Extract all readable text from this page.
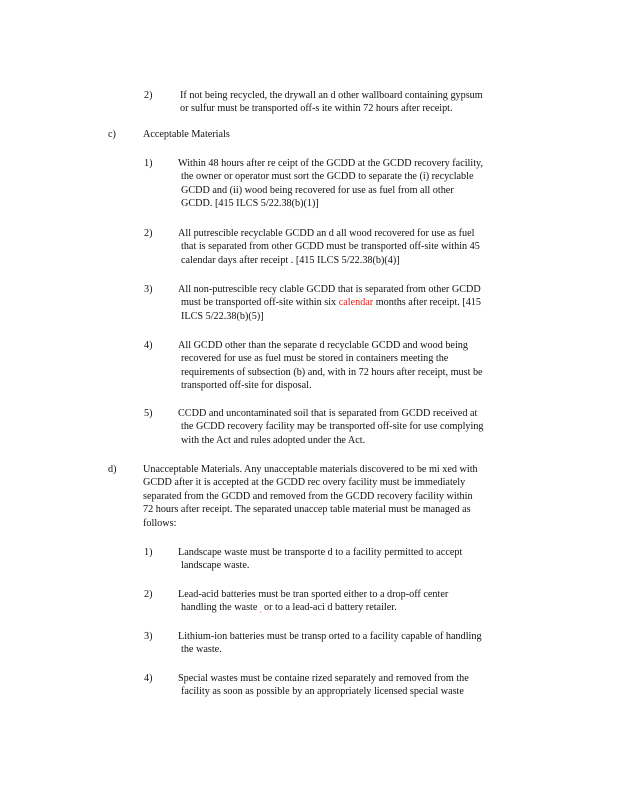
2)	If not being recycled, the drywall an d other wallboard containing gypsum
or sulfur must be transported off-s ite within 72 hours after receipt.
c)	Acceptable Materials
1)	Within 48 hours after re ceipt of the GCDD at the GCDD recovery facility,
the owner or operator must sort the GCDD to separate the (i) recyclable
GCDD and (ii) wood being recovered for use as fuel from all other
GCDD. [415 ILCS 5/22.38(b)(1)]
2)	All putrescible recyclable GCDD an d all wood recovered for use as fuel
that is separated from other GCDD must be transported off-site within 45
calendar days after receipt . [415 ILCS 5/22.38(b)(4)]
3)	All non-putrescible recy clable GCDD that is separated from other GCDD
must be transported off-site within six calendar months after receipt. [415
ILCS 5/22.38(b)(5)]
4)	All GCDD other than the separate d recyclable GCDD and wood being
recovered for use as fuel must be stored in containers meeting the
requirements of subsection (b) and, with in 72 hours after receipt, must be
transported off-site for disposal.
5)	CCDD and uncontaminated soil that is separated from GCDD received at
the GCDD recovery facility may be transported off-site for use complying
with the Act and rules adopted under the Act.
d)	Unacceptable Materials. Any unacceptable materials discovered to be mi xed with
GCDD after it is accepted at the GCDD rec overy facility must be immediately
separated from the GCDD and removed from the GCDD recovery facility within
72 hours after receipt. The separated unaccep table material must be managed as
follows:
1)	Landscape waste must be transporte d to a facility permitted to accept
landscape waste.
2)	Lead-acid batteries must be tran sported either to a drop-off center
handling the waste , or to a lead-aci d battery retailer.
3)	Lithium-ion batteries must be transp orted to a facility capable of handling
the waste.
4)	Special wastes must be containe rized separately and removed from the
facility as soon as possible by an appropriately licensed special waste
